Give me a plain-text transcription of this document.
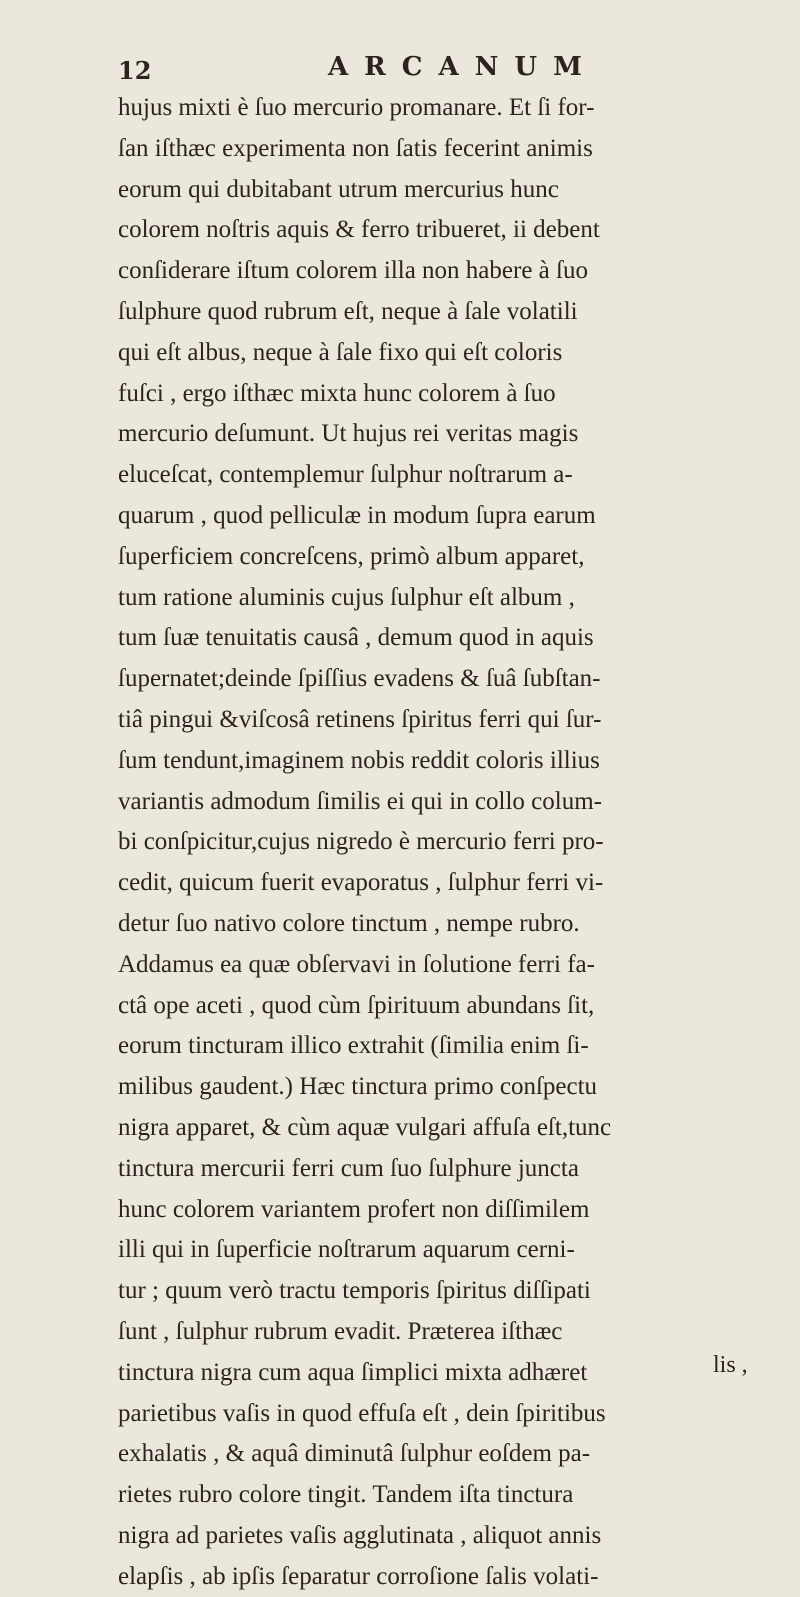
12	ARCANUM
hujus mixti è ſuo mercurio promanare. Et ſi for-
ſan iſthæc experimenta non ſatis fecerint animis
eorum qui dubitabant utrum mercurius hunc
colorem noſtris aquis & ferro tribueret, ii debent
conſiderare iſtum colorem illa non habere à ſuo
ſulphure quod rubrum eſt, neque à ſale volatili
qui eſt albus, neque à ſale fixo qui eſt coloris
fuſci , ergo iſthæc mixta hunc colorem à ſuo
mercurio deſumunt. Ut hujus rei veritas magis
eluceſcat, contemplemur ſulphur noſtrarum a-
quarum , quod pelliculæ in modum ſupra earum
ſuperficiem concreſcens, primò album apparet,
tum ratione aluminis cujus ſulphur eſt album ,
tum ſuæ tenuitatis causâ , demum quod in aquis
ſupernatet;deinde ſpiſſius evadens & ſuâ ſubſtan-
tiâ pingui &viſcosâ retinens ſpiritus ferri qui ſur-
ſum tendunt,imaginem nobis reddit coloris illius
variantis admodum ſimilis ei qui in collo colum-
bi conſpicitur,cujus nigredo è mercurio ferri pro-
cedit, quicum fuerit evaporatus , ſulphur ferri vi-
detur ſuo nativo colore tinctum , nempe rubro.
Addamus ea quæ obſervavi in ſolutione ferri fa-
ctâ ope aceti , quod cùm ſpirituum abundans ſit,
eorum tincturam illico extrahit (ſimilia enim ſi-
milibus gaudent.) Hæc tinctura primo conſpectu
nigra apparet, & cùm aquæ vulgari affuſa eſt,tunc
tinctura mercurii ferri cum ſuo ſulphure juncta
hunc colorem variantem profert non diſſimilem
illi qui in ſuperficie noſtrarum aquarum cerni-
tur ; quum verò tractu temporis ſpiritus diſſipati
ſunt , ſulphur rubrum evadit. Præterea iſthæc
tinctura nigra cum aqua ſimplici mixta adhæret
parietibus vaſis in quod effuſa eſt , dein ſpiritibus
exhalatis , & aquâ diminutâ ſulphur eoſdem pa-
rietes rubro colore tingit. Tandem iſta tinctura
nigra ad parietes vaſis agglutinata , aliquot annis
elapſis , ab ipſis ſeparatur corroſione ſalis volati-
lis ,
